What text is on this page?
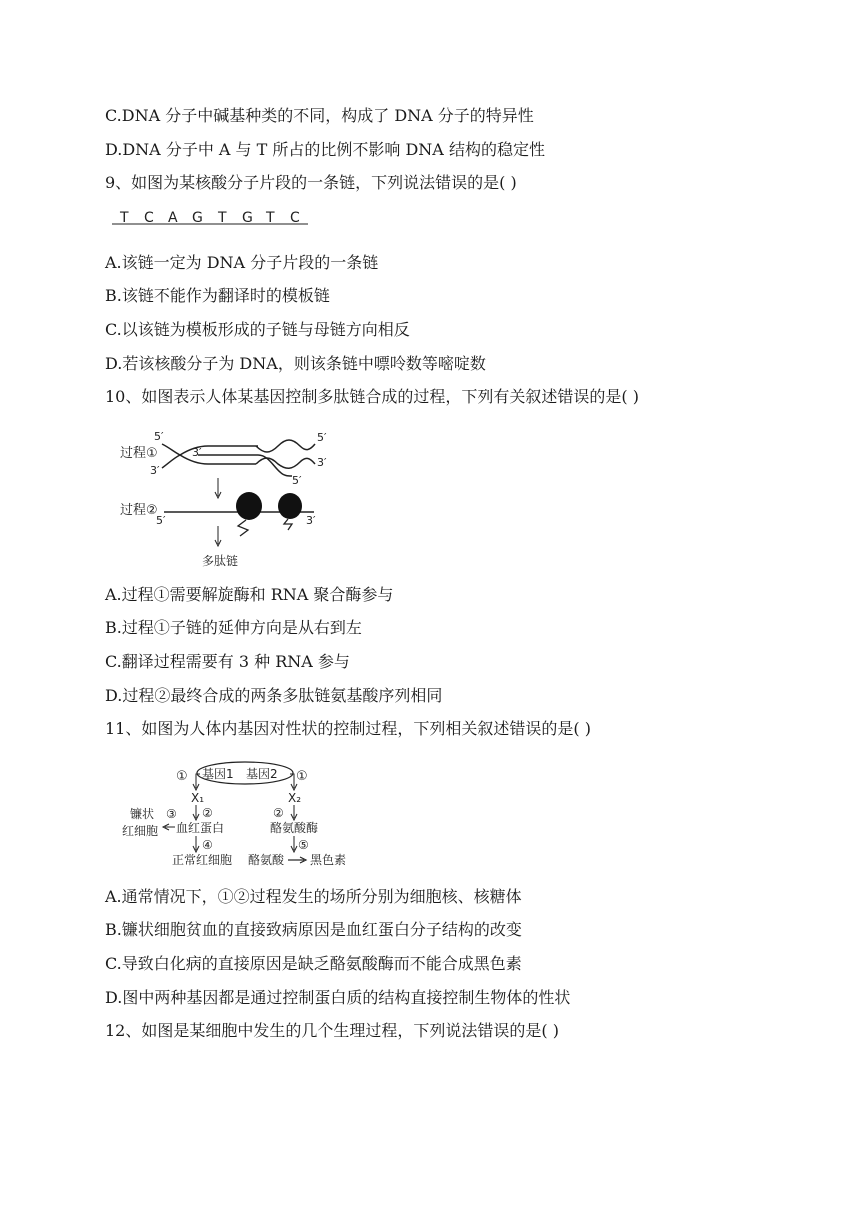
C.DNA 分子中碱基种类的不同，构成了 DNA 分子的特异性
D.DNA 分子中 A 与 T 所占的比例不影响 DNA 结构的稳定性
9、如图为某核酸分子片段的一条链，下列说法错误的是( )
T C A G T G T C
A.该链一定为 DNA 分子片段的一条链
B.该链不能作为翻译时的模板链
C.以该链为模板形成的子链与母链方向相反
D.若该核酸分子为 DNA，则该条链中嘌呤数等嘧啶数
10、如图表示人体某基因控制多肽链合成的过程，下列有关叙述错误的是( )
过程①
5′
3′
3′
5′
3′
5′
过程②
5′	3′
多肽链
A.过程①需要解旋酶和 RNA 聚合酶参与
B.过程①子链的延伸方向是从右到左
C.翻译过程需要有 3 种 RNA 参与
D.过程②最终合成的两条多肽链氨基酸序列相同
11、如图为人体内基因对性状的控制过程，下列相关叙述错误的是( )
基因1 基因2
①	①
X₁
②
血红蛋白
③
镰状
红细胞
④
正常红细胞
X₂
②
酪氨酸酶
⑤
酪氨酸 黑色素
A.通常情况下，①②过程发生的场所分别为细胞核、核糖体
B.镰状细胞贫血的直接致病原因是血红蛋白分子结构的改变
C.导致白化病的直接原因是缺乏酪氨酸酶而不能合成黑色素
D.图中两种基因都是通过控制蛋白质的结构直接控制生物体的性状
12、如图是某细胞中发生的几个生理过程，下列说法错误的是( )
